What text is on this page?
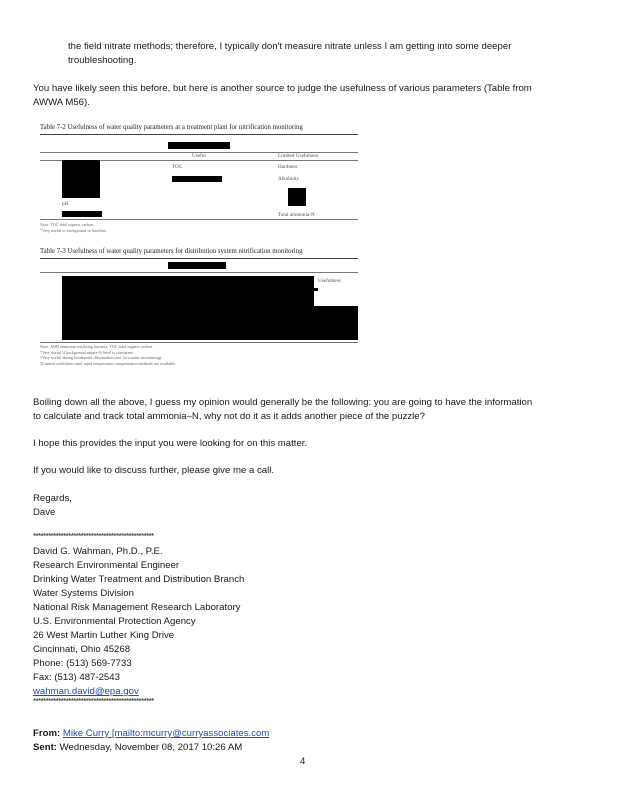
the field nitrate methods; therefore, I typically don't measure nitrate unless I am getting into some deeper
troubleshooting.
You have likely seen this before, but here is another source to judge the usefulness of various parameters (Table from
AWWA M56).
Table 7-2 Usefulness of water quality parameters at a treatment plant for nitrification monitoring
Useful	Limited Usefulness
TOC	Hardness
Alkalinity
pH
Total ammonia-N
Note: TOC total organic carbon.
*Very useful to background or baseline.
Table 7-3 Usefulness of water quality parameters for distribution system nitrification monitoring
Usefulness
Note: AOB ammonia-oxidizing bacteria; TOC total organic carbon.
*Very useful if background nitrate-N level is consistent.
†Very useful during breakpoint chlorination (not for routine monitoring).
‡Limited usefulness until rapid temperature compensation methods are available.
Boiling down all the above, I guess my opinion would generally be the following: you are going to have the information
to calculate and track total ammonia–N, why not do it as it adds another piece of the puzzle?
I hope this provides the input you were looking for on this matter.
If you would like to discuss further, please give me a call.
Regards,
Dave
************************************************
David G. Wahman, Ph.D., P.E.
Research Environmental Engineer
Drinking Water Treatment and Distribution Branch
Water Systems Division
National Risk Management Research Laboratory
U.S. Environmental Protection Agency
26 West Martin Luther King Drive
Cincinnati, Ohio 45268
Phone: (513) 569-7733
Fax: (513) 487-2543
wahman.david@epa.gov
************************************************
From: Mike Curry [mailto:mcurry@curryassociates.com
Sent: Wednesday, November 08, 2017 10:26 AM
4
